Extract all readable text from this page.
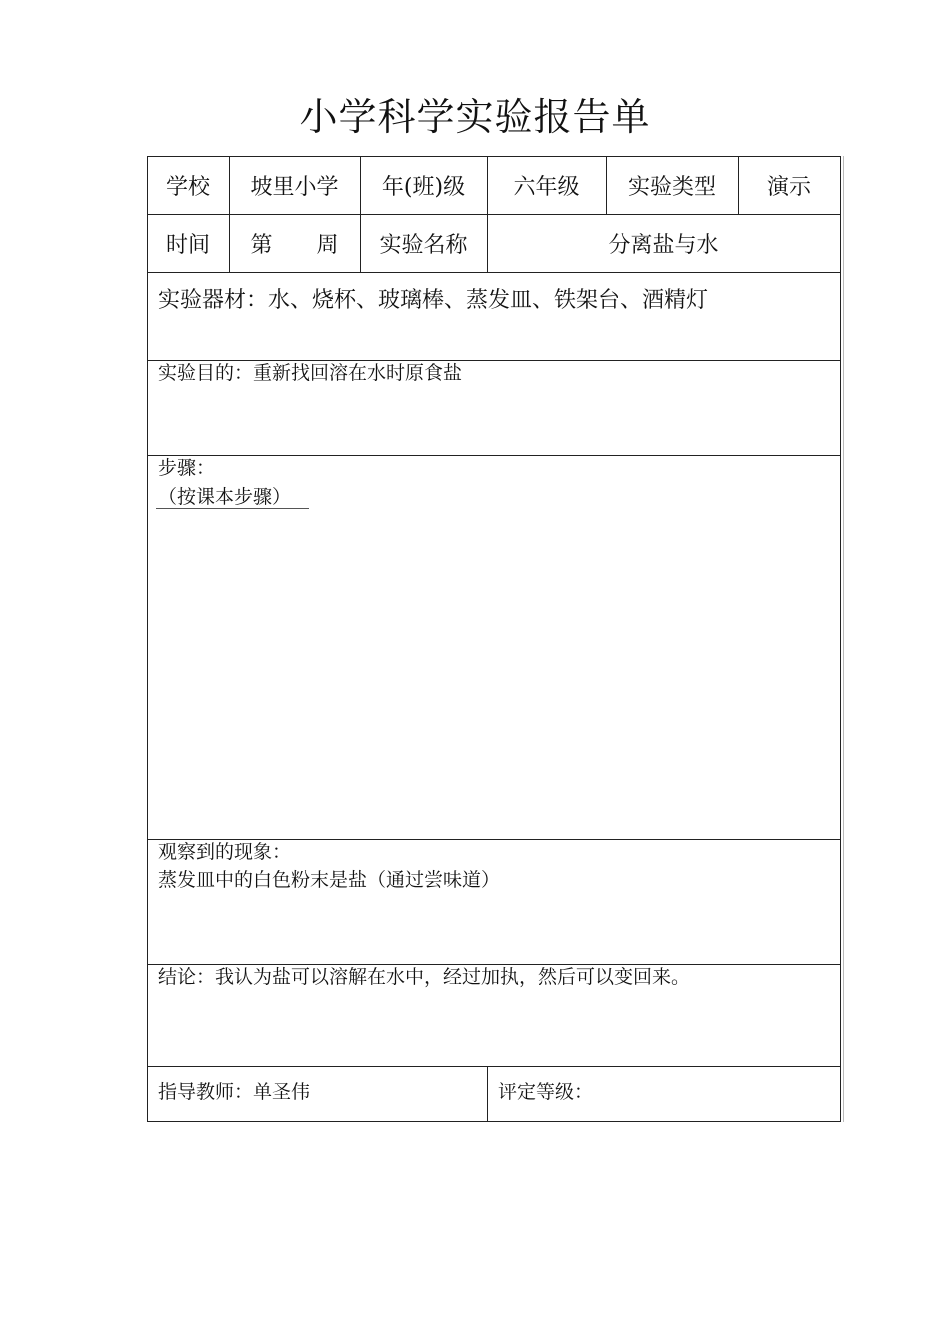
小学科学实验报告单
学校	坡里小学	年(班)级	六年级	实验类型	演示
时间	第　　周	实验名称	分离盐与水
实验器材：水、烧杯、玻璃棒、蒸发皿、铁架台、酒精灯
实验目的：重新找回溶在水时原食盐
步骤：
（按课本步骤）
观察到的现象：
蒸发皿中的白色粉末是盐（通过尝味道）
结论：我认为盐可以溶解在水中，经过加执，然后可以变回来。
指导教师：单圣伟	评定等级：
